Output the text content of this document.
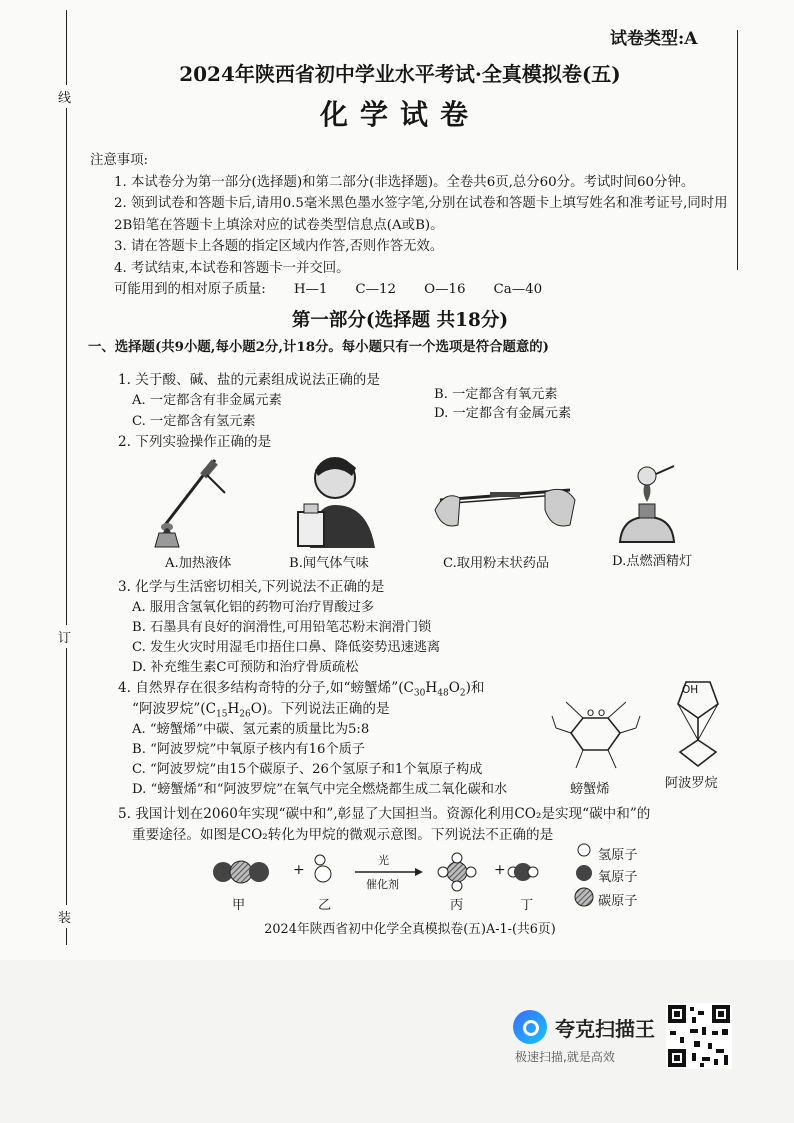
线
订
装
试卷类型:A
2024年陕西省初中学业水平考试·全真模拟卷(五)
化学试卷

注意事项:

1. 本试卷分为第一部分(选择题)和第二部分(非选择题)。全卷共6页,总分60分。考试时间60分钟。

2. 领到试卷和答题卡后,请用0.5毫米黑色墨水签字笔,分别在试卷和答题卡上填写姓名和准考证号,同时用2B铅笔在答题卡上填涂对应的试卷类型信息点(A或B)。

3. 请在答题卡上各题的指定区域内作答,否则作答无效。

4. 考试结束,本试卷和答题卡一并交回。

可能用到的相对原子质量: H—1 C—12 O—16 Ca—40
第一部分(选择题 共18分)
一、选择题(共9小题,每小题2分,计18分。每小题只有一个选项是符合题意的)
1. 关于酸、碱、盐的元素组成说法正确的是
A. 一定都含有非金属元素	B. 一定都含有氧元素
C. 一定都含有氢元素
D. 一定都含有金属元素
2. 下列实验操作正确的是
A.加热液体	B.闻气体气味	C.取用粉末状药品	D.点燃酒精灯
3. 化学与生活密切相关,下列说法不正确的是
A. 服用含氢氧化铝的药物可治疗胃酸过多
B. 石墨具有良好的润滑性,可用铅笔芯粉末润滑门锁
C. 发生火灾时用湿毛巾捂住口鼻、降低姿势迅速逃离
D. 补充维生素C可预防和治疗骨质疏松
4. 自然界存在很多结构奇特的分子,如“螃蟹烯$”(C_{30}H_{48}O_2)$和
“阿波罗烷$”(C_{15}H_{26}O)$。下列说法正确的是
A. “螃蟹烯”中碳、氢元素的质量比为5:8
B. “阿波罗烷”中氧原子核内有16个质子
C. “阿波罗烷”由15个碳原子、26个氢原子和1个氧原子构成
D. “螃蟹烯”和“阿波罗烷”在氧气中完全燃烧都生成二氧化碳和水
O O
OH
螃蟹烯	阿波罗烷
5. 我国计划在2060年实现“碳中和”,彰显了大国担当。资源化利用CO₂是实现“碳中和”的
重要途径。如图是CO₂转化为甲烷的微观示意图。下列说法不正确的是
+	+
光
催化剂
甲	乙	丙	丁
氢原子
氧原子
碳原子
2024年陕西省初中化学全真模拟卷(五)A-1-(共6页)
夸克扫描王
极速扫描,就是高效
